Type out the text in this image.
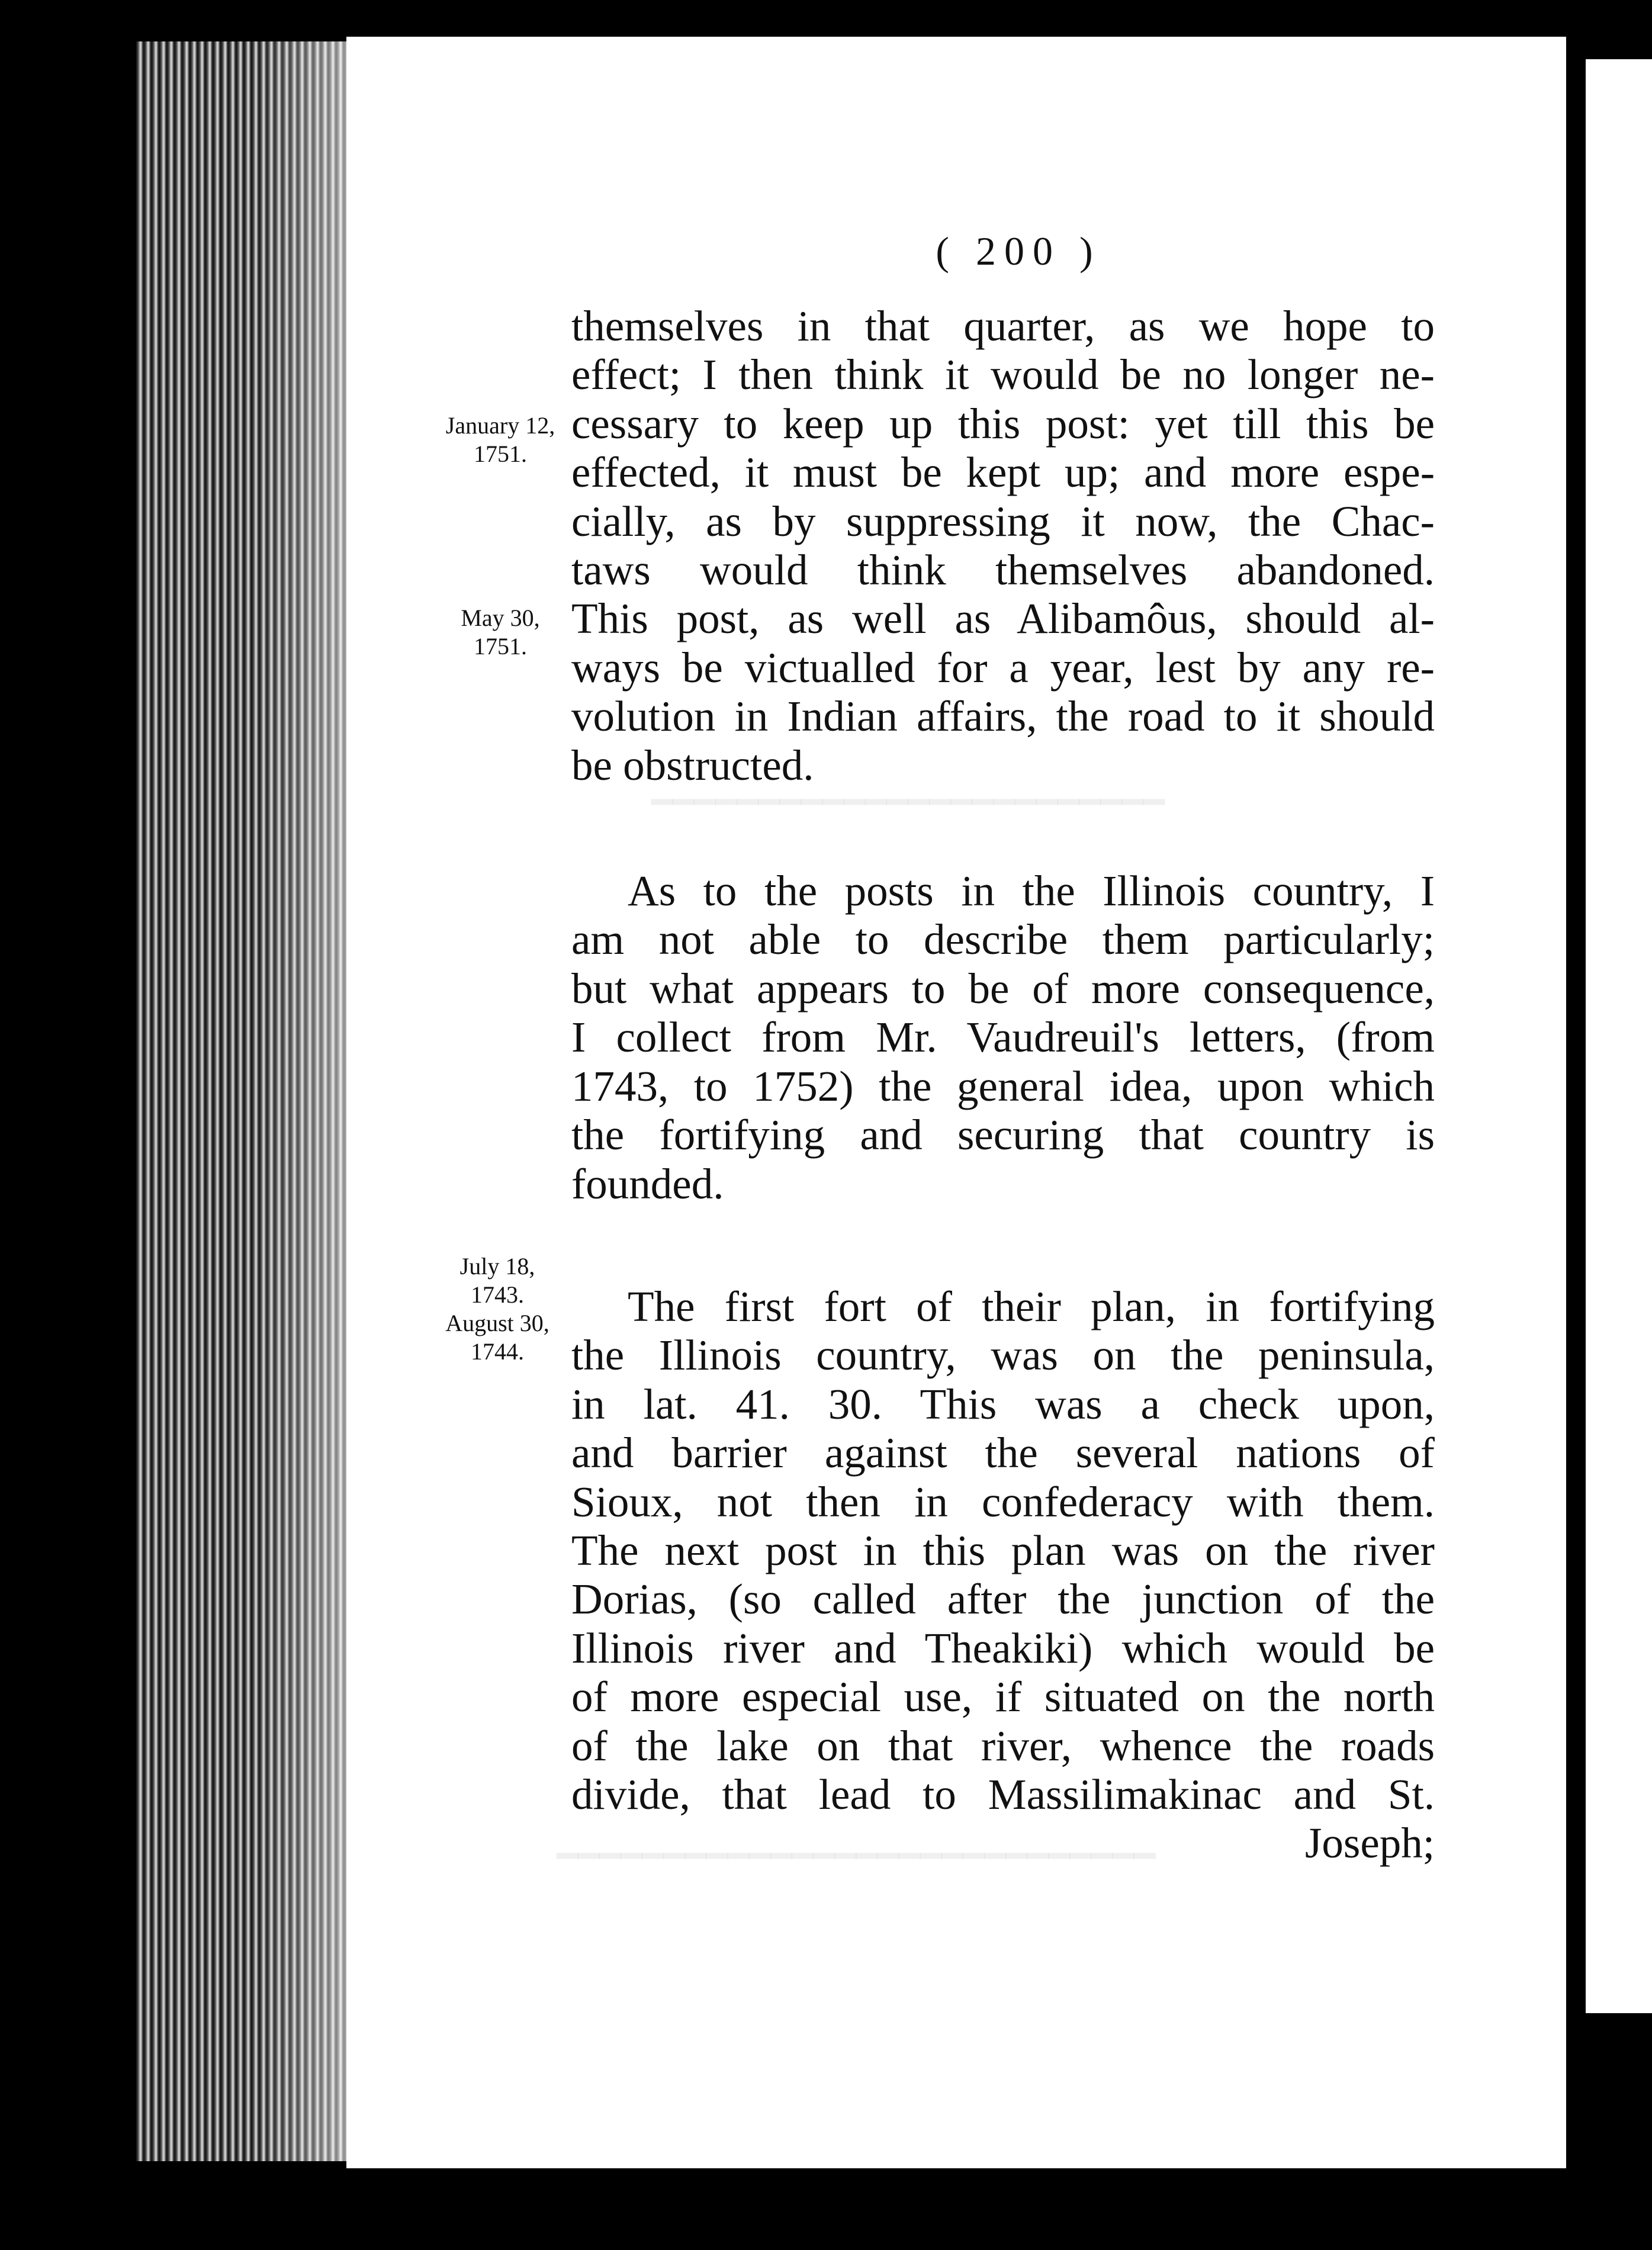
━━━━━━━━━━━━━━━━━━━━━━━━
━━━━━━━━━━━━━━━━━━━━━━━━━━━━
( 200 )
January 12,
1751.
May 30,
1751.
July 18,
1743.
August 30,
1744.
themselves in that quarter, as we hope to
effect; I then think it would be no longer ne-
cessary to keep up this post: yet till this be
effected, it must be kept up; and more espe-
cially, as by suppressing it now, the Chac-
taws would think themselves abandoned.
This post, as well as Alibamôus, should al-
ways be victualled for a year, lest by any re-
volution in Indian affairs, the road to it should
be obstructed.
As to the posts in the Illinois country, I
am not able to describe them particularly;
but what appears to be of more consequence,
I collect from Mr. Vaudreuil's letters, (from
1743, to 1752) the general idea, upon which
the fortifying and securing that country is
founded.
The first fort of their plan, in fortifying
the Illinois country, was on the peninsula,
in lat. 41. 30. This was a check upon,
and barrier against the several nations of
Sioux, not then in confederacy with them.
The next post in this plan was on the river
Dorias, (so called after the junction of the
Illinois river and Theakiki) which would be
of more especial use, if situated on the north
of the lake on that river, whence the roads
divide, that lead to Massilimakinac and St.
Joseph;
